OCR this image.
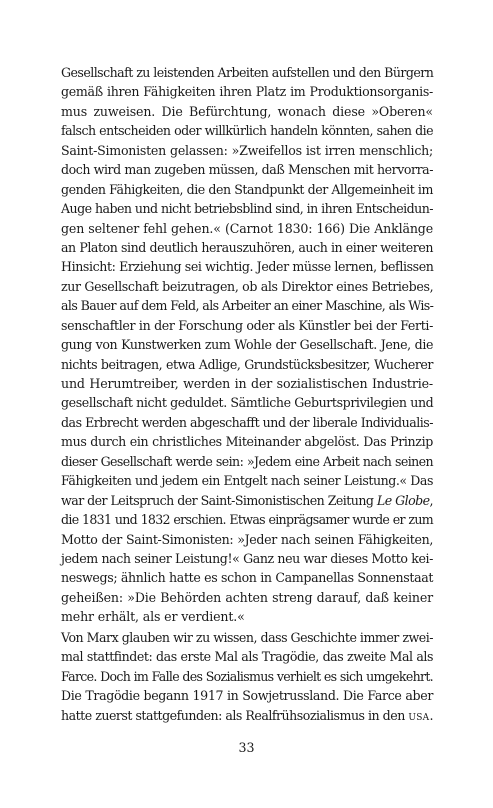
Gesellschaft zu leistenden Arbeiten aufstellen und den Bürgern
gemäß ihren Fähigkeiten ihren Platz im Produktionsorganis-
mus zuweisen. Die Befürchtung, wonach diese »Oberen«
falsch entscheiden oder willkürlich handeln könnten, sahen die
Saint-Simonisten gelassen: »Zweifellos ist irren menschlich;
doch wird man zugeben müssen, daß Menschen mit hervorra-
genden Fähigkeiten, die den Standpunkt der Allgemeinheit im
Auge haben und nicht betriebsblind sind, in ihren Entscheidun-
gen seltener fehl gehen.« (Carnot 1830: 166) Die Anklänge
an Platon sind deutlich herauszuhören, auch in einer weiteren
Hinsicht: Erziehung sei wichtig. Jeder müsse lernen, beflissen
zur Gesellschaft beizutragen, ob als Direktor eines Betriebes,
als Bauer auf dem Feld, als Arbeiter an einer Maschine, als Wis-
senschaftler in der Forschung oder als Künstler bei der Ferti-
gung von Kunstwerken zum Wohle der Gesellschaft. Jene, die
nichts beitragen, etwa Adlige, Grundstücksbesitzer, Wucherer
und Herumtreiber, werden in der sozialistischen Industrie-
gesellschaft nicht geduldet. Sämtliche Geburtsprivilegien und
das Erbrecht werden abgeschafft und der liberale Individualis-
mus durch ein christliches Miteinander abgelöst. Das Prinzip
dieser Gesellschaft werde sein: »Jedem eine Arbeit nach seinen
Fähigkeiten und jedem ein Entgelt nach seiner Leistung.« Das
war der Leitspruch der Saint-Simonistischen Zeitung Le Globe,
die 1831 und 1832 erschien. Etwas einprägsamer wurde er zum
Motto der Saint-Simonisten: »Jeder nach seinen Fähigkeiten,
jedem nach seiner Leistung!« Ganz neu war dieses Motto kei-
neswegs; ähnlich hatte es schon in Campanellas Sonnenstaat
geheißen: »Die Behörden achten streng darauf, daß keiner
mehr erhält, als er verdient.«
Von Marx glauben wir zu wissen, dass Geschichte immer zwei-
mal stattfindet: das erste Mal als Tragödie, das zweite Mal als
Farce. Doch im Falle des Sozialismus verhielt es sich umgekehrt.
Die Tragödie begann 1917 in Sowjetrussland. Die Farce aber
hatte zuerst stattgefunden: als Realfrühsozialismus in den usa.
33
